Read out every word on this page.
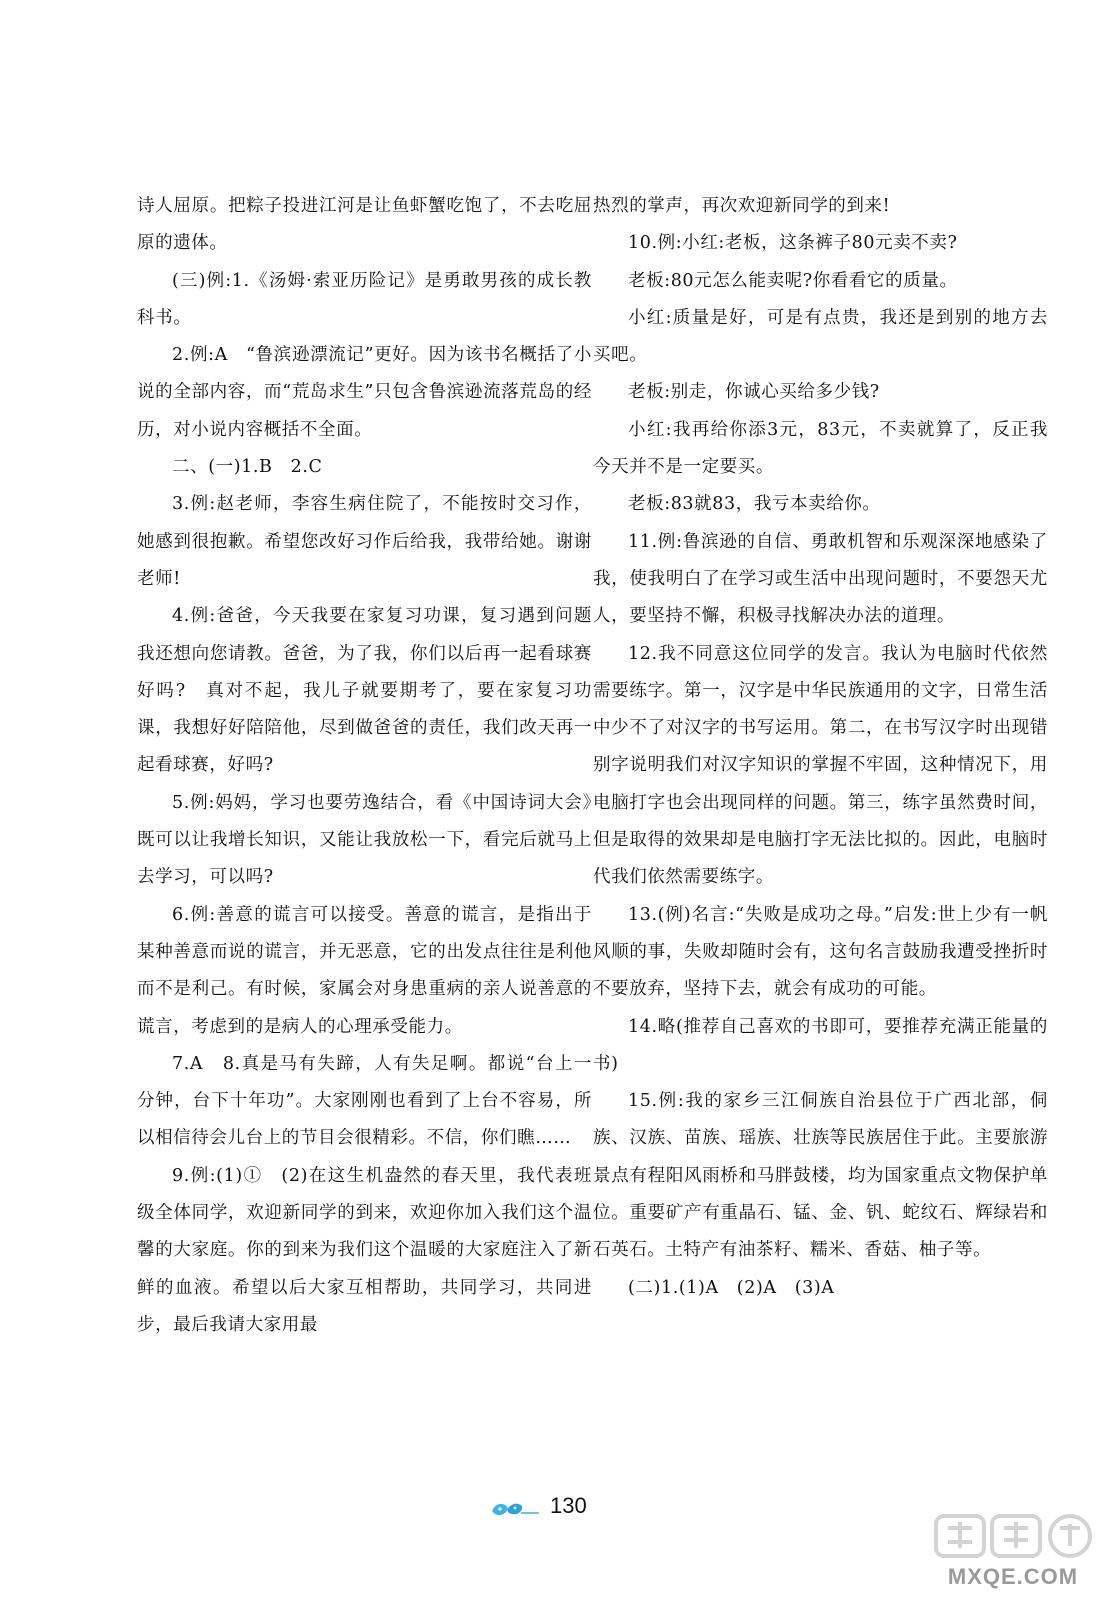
诗人屈原。把粽子投进江河是让鱼虾蟹吃饱了，不去吃屈原的遗体。

(三)例:1.《汤姆·索亚历险记》是勇敢男孩的成长教科书。

2.例:A　“鲁滨逊漂流记”更好。因为该书名概括了小说的全部内容，而“荒岛求生”只包含鲁滨逊流落荒岛的经历，对小说内容概括不全面。

二、(一)1.B　2.C

3.例:赵老师，李容生病住院了，不能按时交习作，她感到很抱歉。希望您改好习作后给我，我带给她。谢谢老师!

4.例:爸爸，今天我要在家复习功课，复习遇到问题我还想向您请教。爸爸，为了我，你们以后再一起看球赛好吗?　真对不起，我儿子就要期考了，要在家复习功课，我想好好陪陪他，尽到做爸爸的责任，我们改天再一起看球赛，好吗?

5.例:妈妈，学习也要劳逸结合，看《中国诗词大会》既可以让我增长知识，又能让我放松一下，看完后就马上去学习，可以吗?

6.例:善意的谎言可以接受。善意的谎言，是指出于某种善意而说的谎言，并无恶意，它的出发点往往是利他而不是利己。有时候，家属会对身患重病的亲人说善意的谎言，考虑到的是病人的心理承受能力。

7.A　8.真是马有失蹄，人有失足啊。都说“台上一分钟，台下十年功”。大家刚刚也看到了上台不容易，所以相信待会儿台上的节目会很精彩。不信，你们瞧……

9.例:(1)①　(2)在这生机盎然的春天里，我代表班级全体同学，欢迎新同学的到来，欢迎你加入我们这个温馨的大家庭。你的到来为我们这个温暖的大家庭注入了新鲜的血液。希望以后大家互相帮助，共同学习，共同进步，最后我请大家用最

热烈的掌声，再次欢迎新同学的到来!

10.例:小红:老板，这条裤子80元卖不卖?

老板:80元怎么能卖呢?你看看它的质量。

小红:质量是好，可是有点贵，我还是到别的地方去买吧。

老板:别走，你诚心买给多少钱?

小红:我再给你添3元，83元，不卖就算了，反正我今天并不是一定要买。

老板:83就83，我亏本卖给你。

11.例:鲁滨逊的自信、勇敢机智和乐观深深地感染了我，使我明白了在学习或生活中出现问题时，不要怨天尤人，要坚持不懈，积极寻找解决办法的道理。

12.我不同意这位同学的发言。我认为电脑时代依然需要练字。第一，汉字是中华民族通用的文字，日常生活中少不了对汉字的书写运用。第二，在书写汉字时出现错别字说明我们对汉字知识的掌握不牢固，这种情况下，用电脑打字也会出现同样的问题。第三，练字虽然费时间，但是取得的效果却是电脑打字无法比拟的。因此，电脑时代我们依然需要练字。

13.(例)名言:“失败是成功之母。”启发:世上少有一帆风顺的事，失败却随时会有，这句名言鼓励我遭受挫折时不要放弃，坚持下去，就会有成功的可能。

14.略(推荐自己喜欢的书即可，要推荐充满正能量的书)

15.例:我的家乡三江侗族自治县位于广西北部，侗族、汉族、苗族、瑶族、壮族等民族居住于此。主要旅游景点有程阳风雨桥和马胖鼓楼，均为国家重点文物保护单位。重要矿产有重晶石、锰、金、钒、蛇纹石、辉绿岩和石英石。土特产有油茶籽、糯米、香菇、柚子等。

(二)1.(1)A　(2)A　(3)A

130
MXQE.COM
